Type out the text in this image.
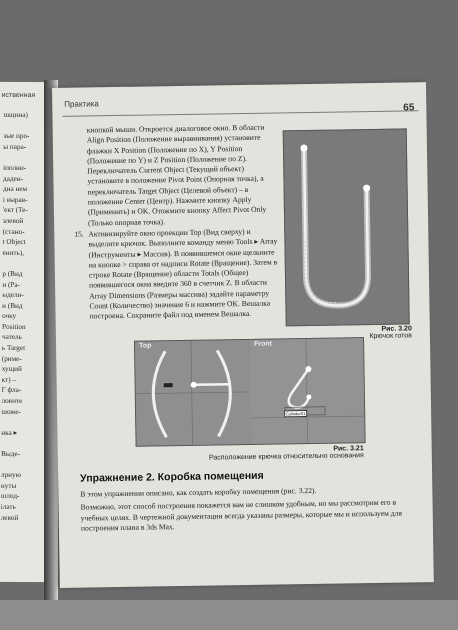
иственная
шщина)

зые про-
ы пара-

іполни-
даден-
дна нем
і вырав-
'ект (Те-
элевой
(стано-
t Object
енить),

р (Вид
и (Ра-
ыдели-
и (Вид
очку
Position
чатель
ь Target
(риме-
хущий
кт) –
Г фла-
ловите
шоже-

нка ▸

Выде-

лрную
нуты
шлод-
ілать
левой
Практика	65

кнопкой мыши. Откроется диалоговое окно. В области Align Position (Положение выравнивания) установите флажки X Position (Положение по X), Y Position (Положение по Y) и Z Position (Положение по Z). Переключатель Current Object (Текущий объект) установите в положение Pivot Point (Опорная точка), а переключатель Target Object (Целевой объект) – в положение Center (Центр). Нажмите кнопку Apply (Применить) и OK. Отожмите кнопку Affect Pivot Only (Только опорная точка).

15. Активизируйте окно проекции Top (Вид сверху) и выделите крючок. Выполните команду меню Tools ▸ Array (Инструменты ▸ Массив). В появившемся окне щелкните на кнопке > справа от надписи Rotate (Вращение). Затем в строке Rotate (Вращение) области Totals (Общее) появившегося окна введите 360 в счетчик Z. В области Array Dimensions (Размеры массива) задайте параметру Count (Количество) значение 6 и нажмите OK. Вешалка построена. Сохраните файл под именем Вешалка.

Рис. 3.20
Крючок готов
Top	Front
Cylinder01
Рис. 3.21
Расположение крючка относительно основания
Упражнение 2. Коробка помещения

В этом упражнении описано, как создать коробку помещения (рис. 3.22).

Возможно, этот способ построения покажется вам не слишком удобным, но мы рассмотрим его в учебных целях. В чертежной документации всегда указаны размеры, которые мы и используем для построения плана в 3ds Max.
